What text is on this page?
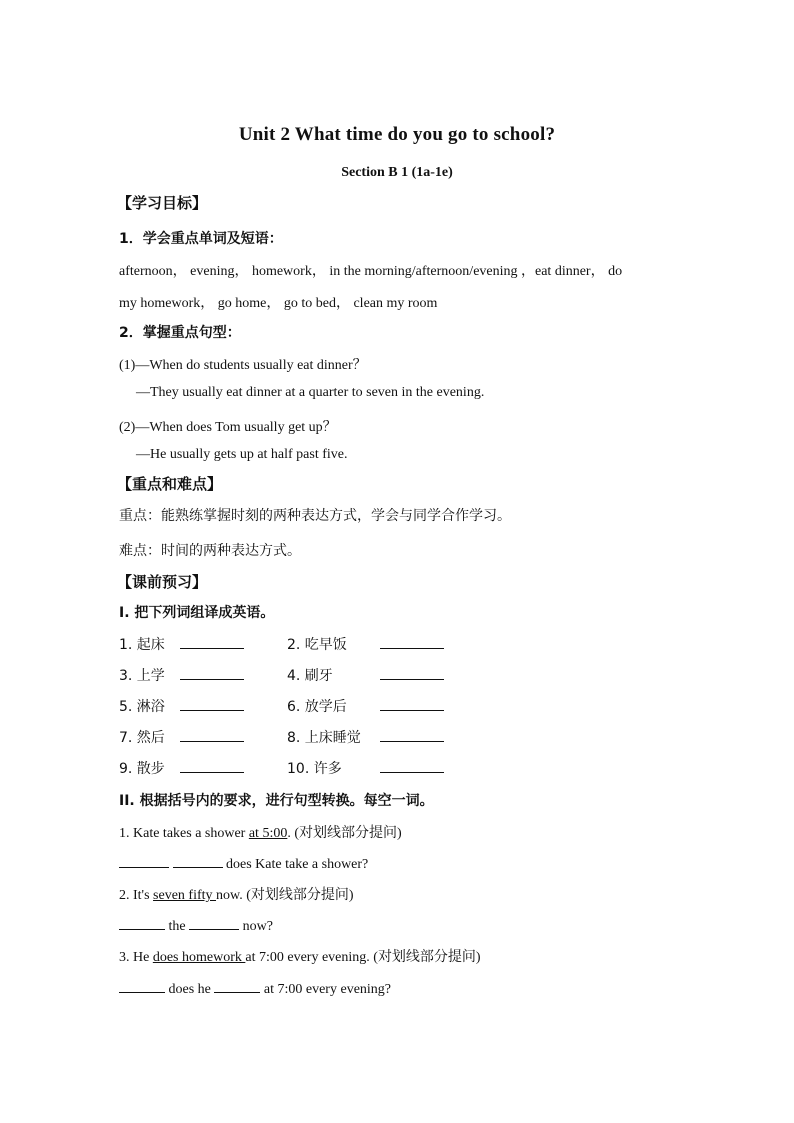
Unit 2 What time do you go to school?
Section B 1 (1a-1e)
【学习目标】
1．学会重点单词及短语：
afternoon， evening， homework， in the morning/afternoon/evening ，eat dinner， do
my homework， go home， go to bed， clean my room
2．掌握重点句型：
(1)—When do students usually eat dinner？
—They usually eat dinner at a quarter to seven in the evening.
(2)—When does Tom usually get up？
—He usually gets up at half past five.
【重点和难点】
重点：能熟练掌握时刻的两种表达方式，学会与同学合作学习。
难点：时间的两种表达方式。
【课前预习】
I. 把下列词组译成英语。
1. 起床	2. 吃早饭
3. 上学	4. 刷牙
5. 淋浴	6. 放学后
7. 然后	8. 上床睡觉
9. 散步	10. 许多
II. 根据括号内的要求，进行句型转换。每空一词。
1. Kate takes a shower at 5:00. (对划线部分提问)
does Kate take a shower?
2. It's seven fifty now. (对划线部分提问)
the	now?
3. He does homework at 7:00 every evening. (对划线部分提问)
does he	at 7:00 every evening?
